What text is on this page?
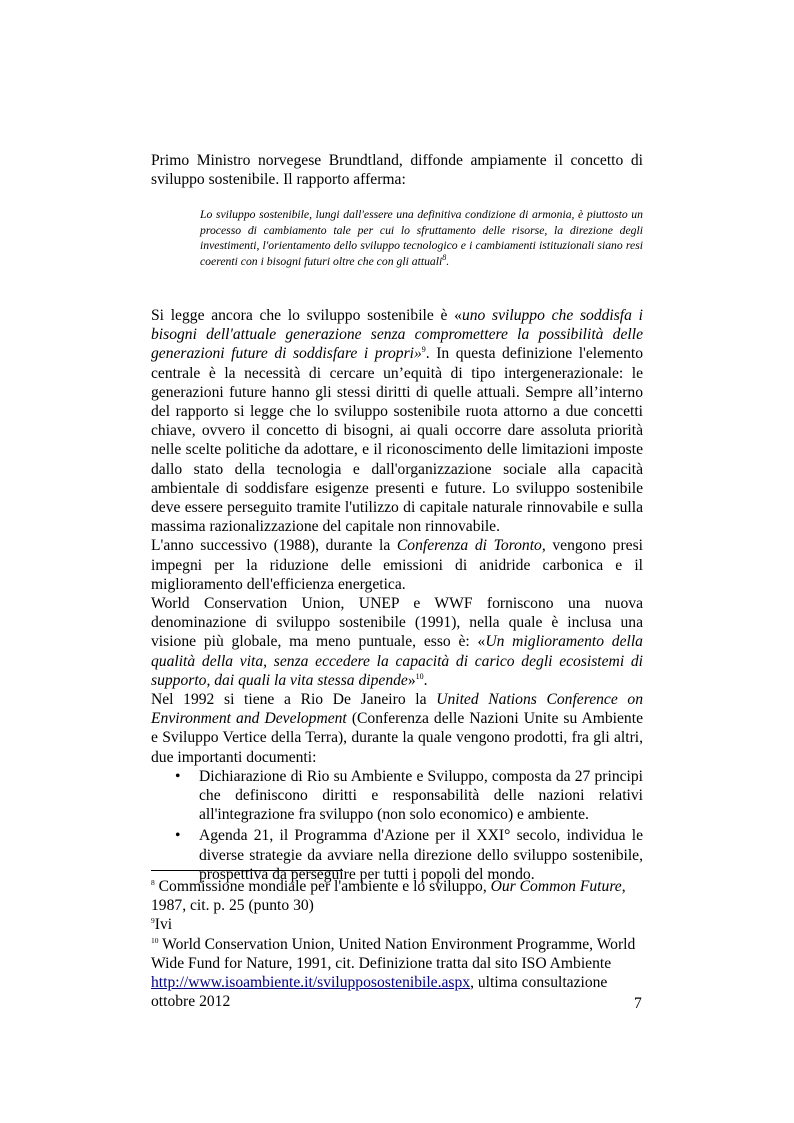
Primo Ministro norvegese Brundtland, diffonde ampiamente il concetto di sviluppo sostenibile. Il rapporto afferma:

Lo sviluppo sostenibile, lungi dall'essere una definitiva condizione di armonia, è piuttosto un processo di cambiamento tale per cui lo sfruttamento delle risorse, la direzione degli investimenti, l'orientamento dello sviluppo tecnologico e i cambiamenti istituzionali siano resi coerenti con i bisogni futuri oltre che con gli attuali$^8$.

Si legge ancora che lo sviluppo sostenibile è «uno sviluppo che soddisfa i bisogni dell'attuale generazione senza compromettere la possibilità delle generazioni future di soddisfare i propri»$^9$. In questa definizione l'elemento centrale è la necessità di cercare un’equità di tipo intergenerazionale: le generazioni future hanno gli stessi diritti di quelle attuali. Sempre all’interno del rapporto si legge che lo sviluppo sostenibile ruota attorno a due concetti chiave, ovvero il concetto di bisogni, ai quali occorre dare assoluta priorità nelle scelte politiche da adottare, e il riconoscimento delle limitazioni imposte dallo stato della tecnologia e dall'organizzazione sociale alla capacità ambientale di soddisfare esigenze presenti e future. Lo sviluppo sostenibile deve essere perseguito tramite l'utilizzo di capitale naturale rinnovabile e sulla massima razionalizzazione del capitale non rinnovabile.

L'anno successivo (1988), durante la Conferenza di Toronto, vengono presi impegni per la riduzione delle emissioni di anidride carbonica e il miglioramento dell'efficienza energetica.

World Conservation Union, UNEP e WWF forniscono una nuova denominazione di sviluppo sostenibile (1991), nella quale è inclusa una visione più globale, ma meno puntuale, esso è: «Un miglioramento della qualità della vita, senza eccedere la capacità di carico degli ecosistemi di supporto, dai quali la vita stessa dipende»$^{10}$.

Nel 1992 si tiene a Rio De Janeiro la United Nations Conference on Environment and Development (Conferenza delle Nazioni Unite su Ambiente e Sviluppo Vertice della Terra), durante la quale vengono prodotti, fra gli altri, due importanti documenti:

• Dichiarazione di Rio su Ambiente e Sviluppo, composta da 27 principi che definiscono diritti e responsabilità delle nazioni relativi all'integrazione fra sviluppo (non solo economico) e ambiente.
• Agenda 21, il Programma d'Azione per il XXI° secolo, individua le diverse strategie da avviare nella direzione dello sviluppo sostenibile, prospettiva da perseguire per tutti i popoli del mondo.

$^8$ Commissione mondiale per l'ambiente e lo sviluppo, Our Common Future, 1987, cit. p. 25 (punto 30)

$^9$Ivi

$^{10}$ World Conservation Union, United Nation Environment Programme, World Wide Fund for Nature, 1991, cit. Definizione tratta dal sito ISO Ambiente
http://www.isoambiente.it/svilupposostenibile.aspx, ultima consultazione ottobre 2012	7
